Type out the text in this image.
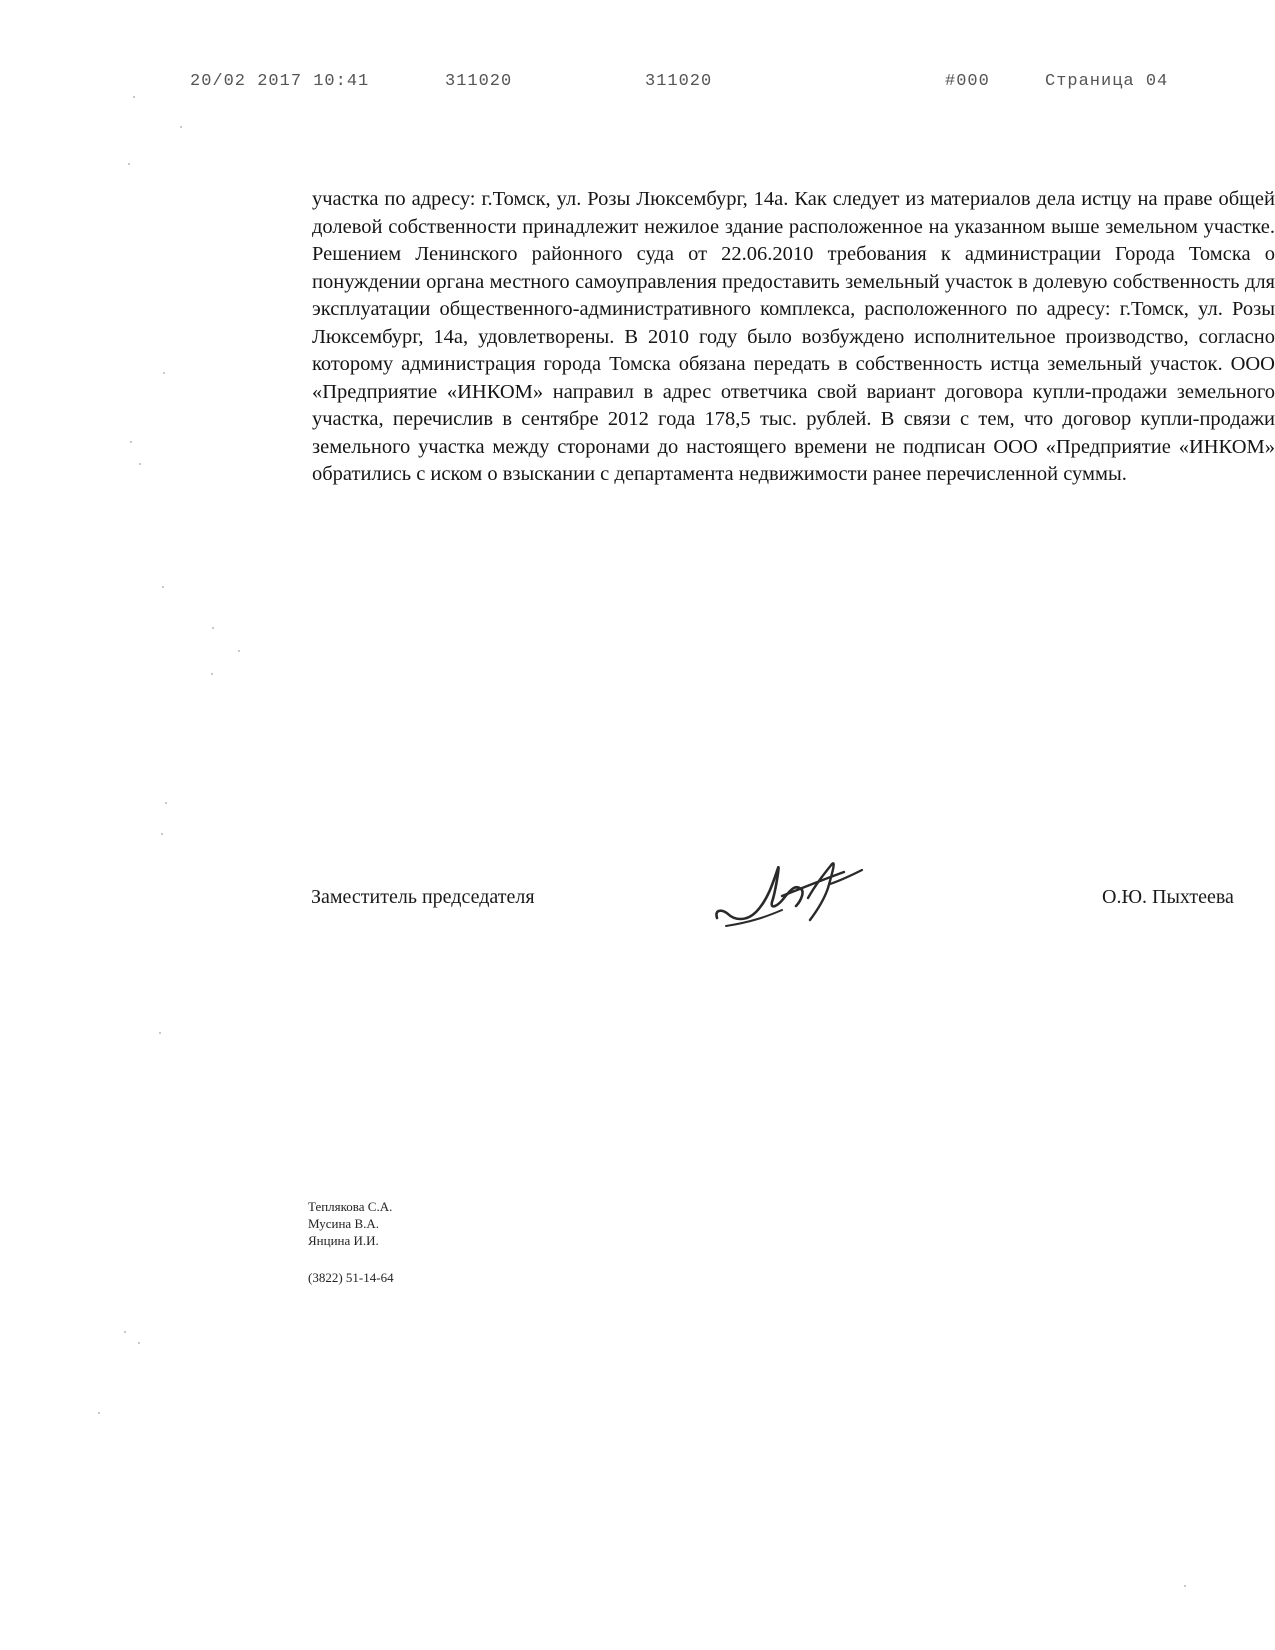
20/02 2017 10:41	311020	311020	#000	Страница 04

участка по адресу: г.Томск, ул. Розы Люксембург, 14а. Как следует из материалов дела истцу на праве общей долевой собственности принадлежит нежилое здание расположенное на указанном выше земельном участке. Решением Ленинского районного суда от 22.06.2010 требования к администрации Города Томска о понуждении органа местного самоуправления предоставить земельный участок в долевую собственность для эксплуатации общественного-административного комплекса, расположенного по адресу: г.Томск, ул. Розы Люксембург, 14а, удовлетворены. В 2010 году было возбуждено исполнительное производство, согласно которому администрация города Томска обязана передать в собственность истца земельный участок. ООО «Предприятие «ИНКОМ» направил в адрес ответчика свой вариант договора купли-продажи земельного участка, перечислив в сентябре 2012 года 178,5 тыс. рублей. В связи с тем, что договор купли-продажи земельного участка между сторонами до настоящего времени не подписан ООО «Предприятие «ИНКОМ» обратились с иском о взыскании с департамента недвижимости ранее перечисленной суммы.

Заместитель председателя	О.Ю. Пыхтеева
Теплякова С.А.
Мусина В.А.
Янцина И.И.
(3822) 51-14-64
